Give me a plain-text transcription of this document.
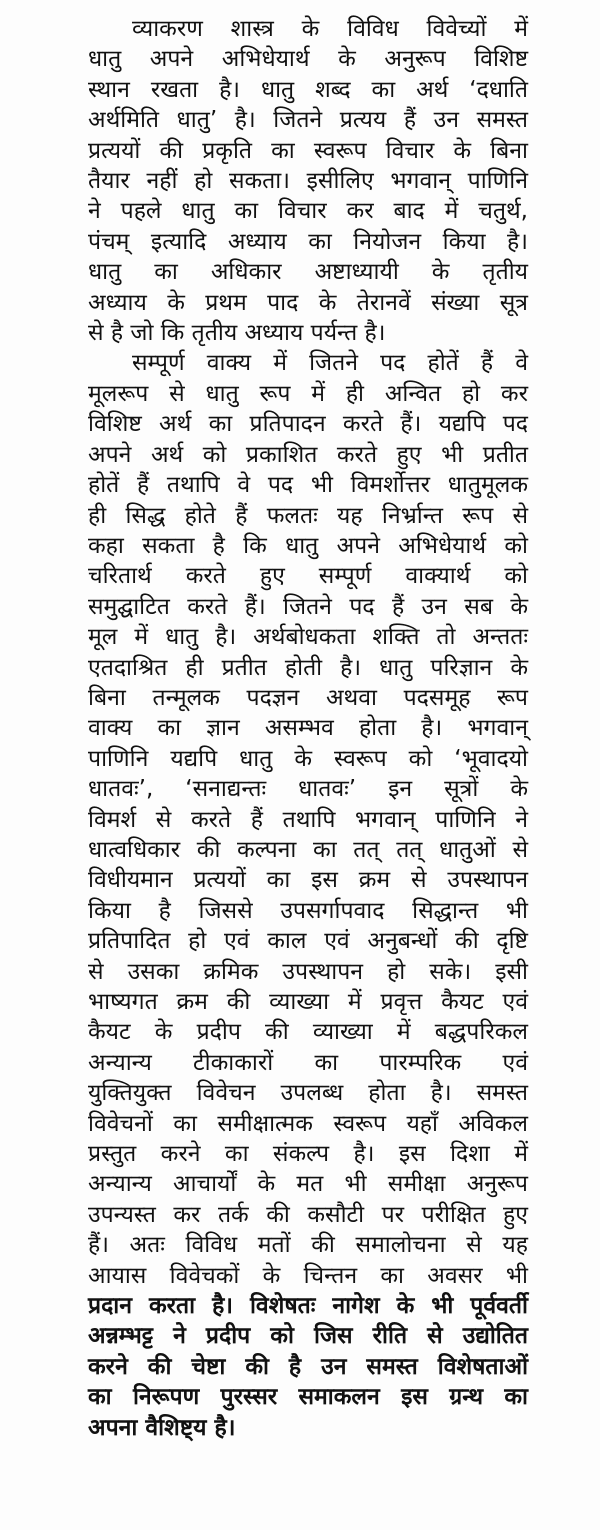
व्याकरण शास्त्र के विविध विवेच्यों में
धातु अपने अभिधेयार्थ के अनुरूप विशिष्ट
स्थान रखता है। धातु शब्द का अर्थ ‘दधाति
अर्थमिति धातु’ है। जितने प्रत्यय हैं उन समस्त
प्रत्ययों की प्रकृति का स्वरूप विचार के बिना
तैयार नहीं हो सकता। इसीलिए भगवान् पाणिनि
ने पहले धातु का विचार कर बाद में चतुर्थ,
पंचम् इत्यादि अध्याय का नियोजन किया है।
धातु का अधिकार अष्टाध्यायी के तृतीय
अध्याय के प्रथम पाद के तेरानवें संख्या सूत्र
से है जो कि तृतीय अध्याय पर्यन्त है।

सम्पूर्ण वाक्य में जितने पद होतें हैं वे
मूलरूप से धातु रूप में ही अन्वित हो कर
विशिष्ट अर्थ का प्रतिपादन करते हैं। यद्यपि पद
अपने अर्थ को प्रकाशित करते हुए भी प्रतीत
होतें हैं तथापि वे पद भी विमर्शोत्तर धातुमूलक
ही सिद्ध होते हैं फलतः यह निर्भ्रान्त रूप से
कहा सकता है कि धातु अपने अभिधेयार्थ को
चरितार्थ करते हुए सम्पूर्ण वाक्यार्थ को
समुद्घाटित करते हैं। जितने पद हैं उन सब के
मूल में धातु है। अर्थबोधकता शक्ति तो अन्ततः
एतदाश्रित ही प्रतीत होती है। धातु परिज्ञान के
बिना तन्मूलक पदज्ञन अथवा पदसमूह रूप
वाक्य का ज्ञान असम्भव होता है। भगवान्
पाणिनि यद्यपि धातु के स्वरूप को ‘भूवादयो
धातवः’, ‘सनाद्यन्तः धातवः’ इन सूत्रों के
विमर्श से करते हैं तथापि भगवान् पाणिनि ने
धात्वधिकार की कल्पना का तत् तत् धातुओं से
विधीयमान प्रत्ययों का इस क्रम से उपस्थापन
किया है जिससे उपसर्गापवाद सिद्धान्त भी
प्रतिपादित हो एवं काल एवं अनुबन्धों की दृष्टि
से उसका क्रमिक उपस्थापन हो सके। इसी
भाष्यगत क्रम की व्याख्या में प्रवृत्त कैयट एवं
कैयट के प्रदीप की व्याख्या में बद्धपरिकल
अन्यान्य टीकाकारों का पारम्परिक एवं
युक्तियुक्त विवेचन उपलब्ध होता है। समस्त
विवेचनों का समीक्षात्मक स्वरूप यहाँ अविकल
प्रस्तुत करने का संकल्प है। इस दिशा में
अन्यान्य आचार्यों के मत भी समीक्षा अनुरूप
उपन्यस्त कर तर्क की कसौटी पर परीक्षित हुए
हैं। अतः विविध मतों की समालोचना से यह
आयास विवेचकों के चिन्तन का अवसर भी
प्रदान करता है। विशेषतः नागेश के भी पूर्ववर्ती
अन्नम्भट्ट ने प्रदीप को जिस रीति से उद्योतित
करने की चेष्टा की है उन समस्त विशेषताओं
का निरूपण पुरस्सर समाकलन इस ग्रन्थ का
अपना वैशिष्ट्य है।
